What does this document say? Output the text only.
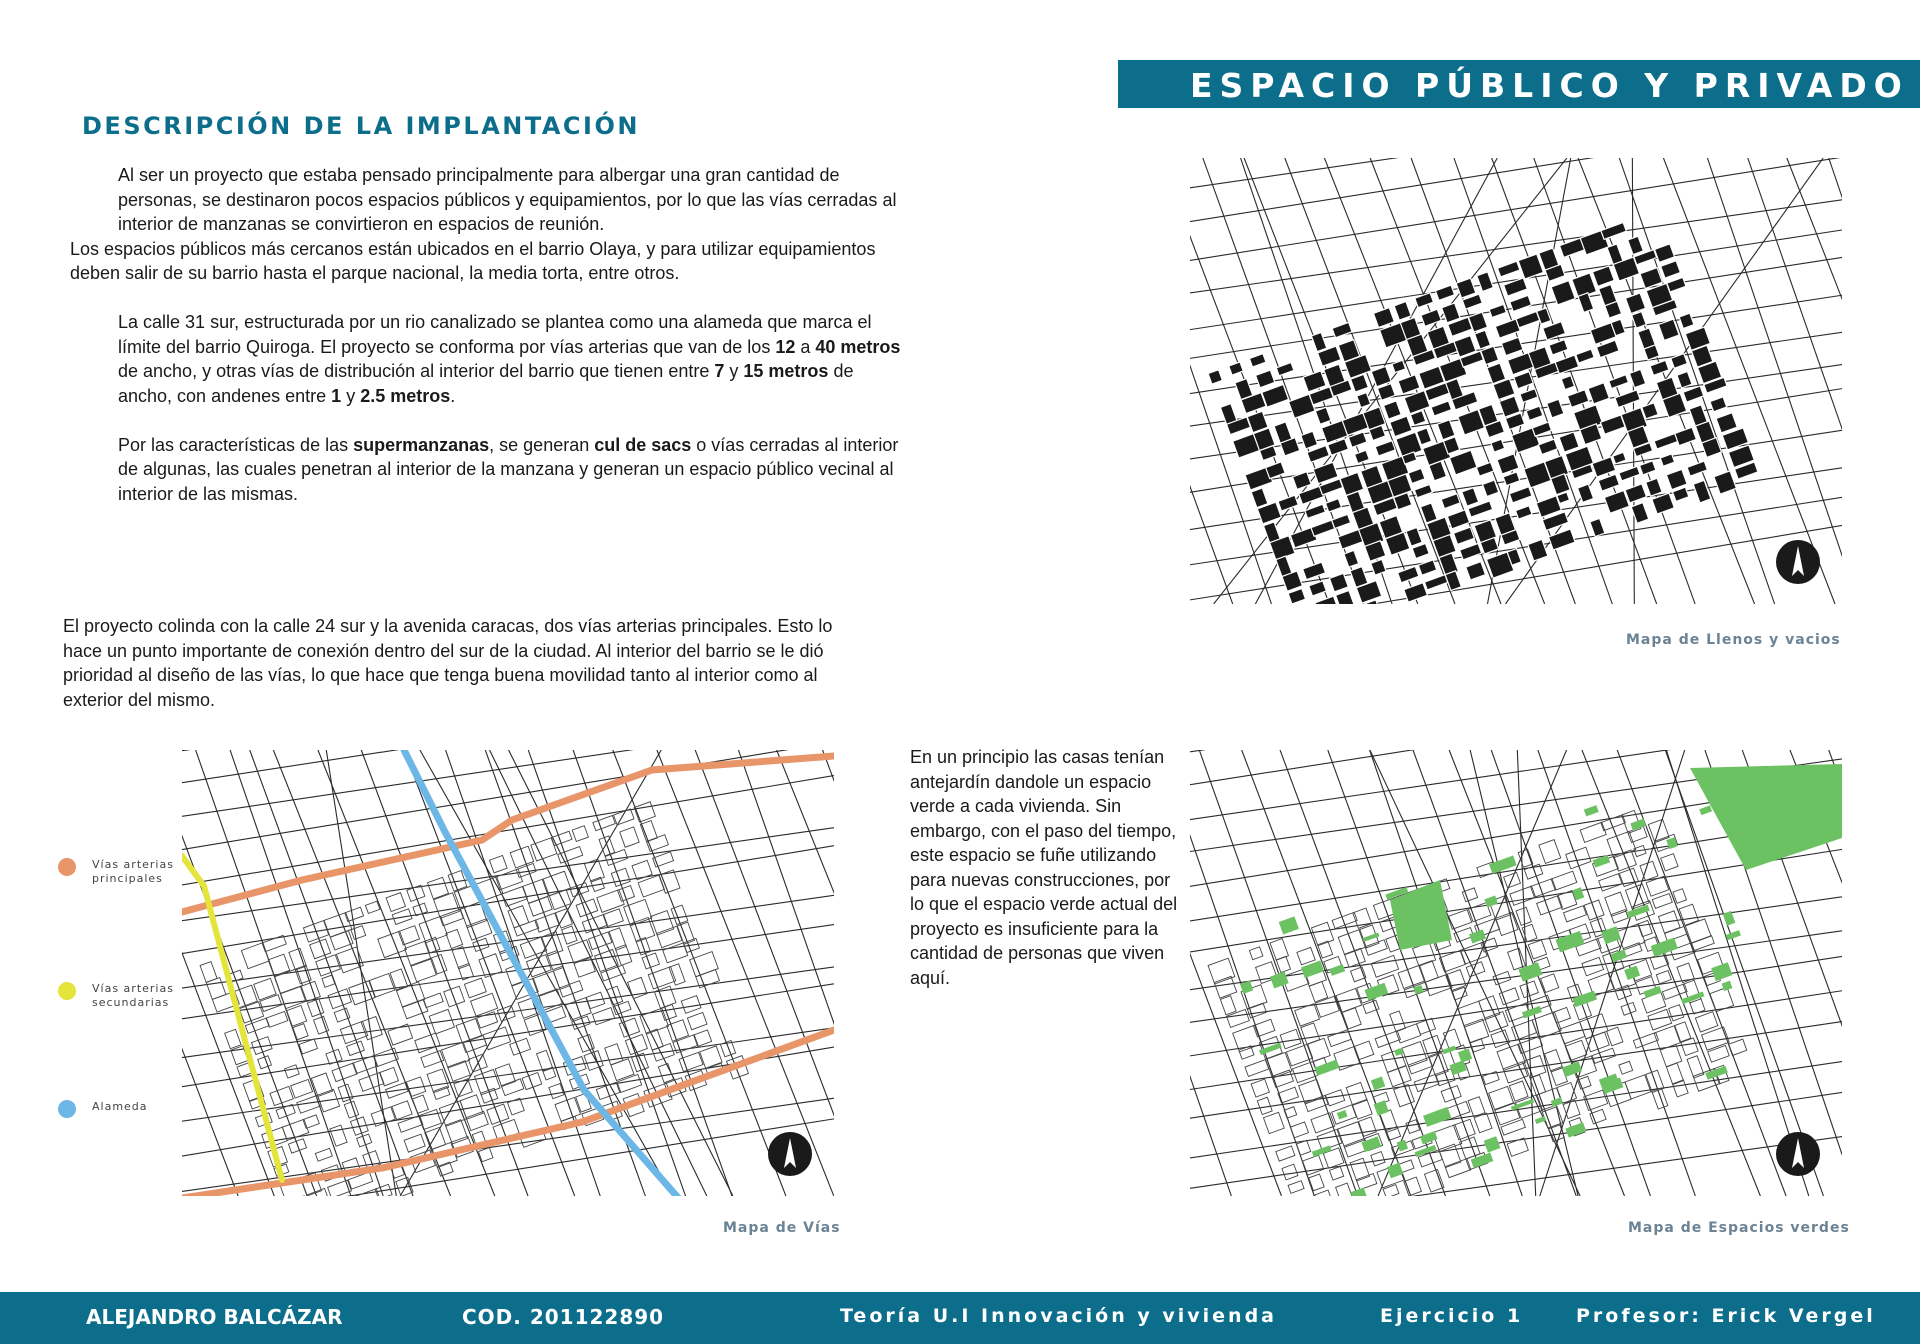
ESPACIO PÚBLICO Y PRIVADO
DESCRIPCIÓN DE LA IMPLANTACIÓN
Al ser un proyecto que estaba pensado principalmente para albergar una gran cantidad de personas, se destinaron pocos espacios públicos y equipamientos, por lo que las vías cerradas al interior de manzanas se convirtieron en espacios de reunión.
Los espacios públicos más cercanos están ubicados en el barrio Olaya, y para utilizar equipamientos deben salir de su barrio hasta el parque nacional, la media torta, entre otros.
La calle 31 sur, estructurada por un rio canalizado se plantea como una alameda que marca el límite del barrio Quiroga. El proyecto se conforma por vías arterias que van de los 12 a 40 metros de ancho, y otras vías de distribución al interior del barrio que tienen entre 7 y 15 metros de ancho, con andenes entre 1 y 2.5 metros.
Por las características de las supermanzanas, se generan cul de sacs o vías cerradas al interior de algunas, las cuales penetran al interior de la manzana y generan un espacio público vecinal al interior de las mismas.
El proyecto colinda con la calle 24 sur y la avenida caracas, dos vías arterias principales. Esto lo hace un punto importante de conexión dentro del sur de la ciudad. Al interior del barrio se le dió prioridad al diseño de las vías, lo que hace que tenga buena movilidad tanto al interior como al exterior del mismo.
En un principio las casas tenían antejardín dandole un espacio verde a cada vivienda. Sin embargo, con el paso del tiempo, este espacio se fuñe utilizando para nuevas construcciones, por lo que el espacio verde actual del proyecto es insuficiente para la cantidad de personas que viven aquí.
Mapa de Llenos y vacios
Mapa de Vías	Mapa de Espacios verdes
Vías arterias principales
Vías arterias secundarias
Alameda
ALEJANDRO BALCÁZAR	COD. 201122890	Teoría U.I Innovación y vivienda	Ejercicio 1	Profesor: Erick Vergel
